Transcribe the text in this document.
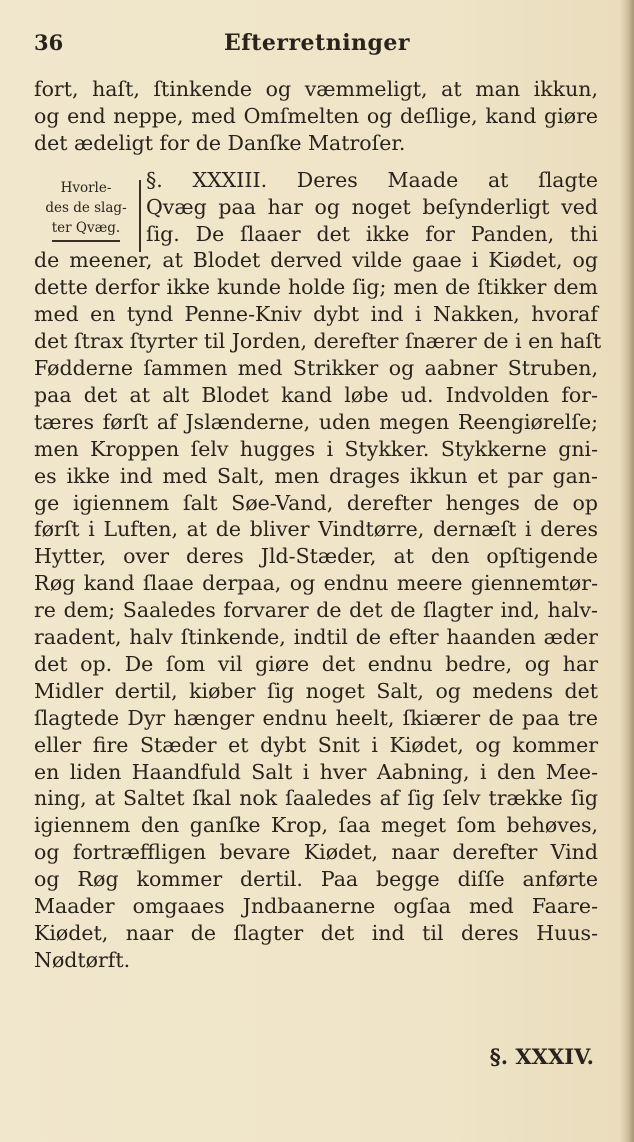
36	Efterretninger
Hvorle-
des de slag-
ter Qvæg.
fort, haſt, ſtinkende og væmmeligt, at man ikkun,
og end neppe, med Omſmelten og deſlige, kand giøre
det ædeligt for de Danſke Matroſer.
§. XXXIII. Deres Maade at ſlagte
Qvæg paa har og noget beſynderligt ved
ſig. De ſlaaer det ikke for Panden, thi
de meener, at Blodet derved vilde gaae i Kiødet, og
dette derfor ikke kunde holde ſig; men de ſtikker dem
med en tynd Penne-Kniv dybt ind i Nakken, hvoraf
det ſtrax ſtyrter til Jorden, derefter ſnærer de i en haſt
Fødderne ſammen med Strikker og aabner Struben,
paa det at alt Blodet kand løbe ud. Indvolden for-
tæres førſt af Jslænderne, uden megen Reengiørelſe;
men Kroppen ſelv hugges i Stykker. Stykkerne gni-
es ikke ind med Salt, men drages ikkun et par gan-
ge igiennem ſalt Søe-Vand, derefter henges de op
førſt i Luften, at de bliver Vindtørre, dernæſt i deres
Hytter, over deres Jld-Stæder, at den opſtigende
Røg kand ſlaae derpaa, og endnu meere giennemtør-
re dem; Saaledes forvarer de det de ſlagter ind, halv-
raadent, halv ſtinkende, indtil de efter haanden æder
det op. De ſom vil giøre det endnu bedre, og har
Midler dertil, kiøber ſig noget Salt, og medens det
ſlagtede Dyr hænger endnu heelt, ſkiærer de paa tre
eller fire Stæder et dybt Snit i Kiødet, og kommer
en liden Haandfuld Salt i hver Aabning, i den Mee-
ning, at Saltet ſkal nok ſaaledes af ſig ſelv trække ſig
igiennem den ganſke Krop, ſaa meget ſom behøves,
og fortræffligen bevare Kiødet, naar derefter Vind
og Røg kommer dertil. Paa begge diſſe anførte
Maader omgaaes Jndbaanerne ogſaa med Faare-
Kiødet, naar de ſlagter det ind til deres Huus-
Nødtørft.
§. XXXIV.
